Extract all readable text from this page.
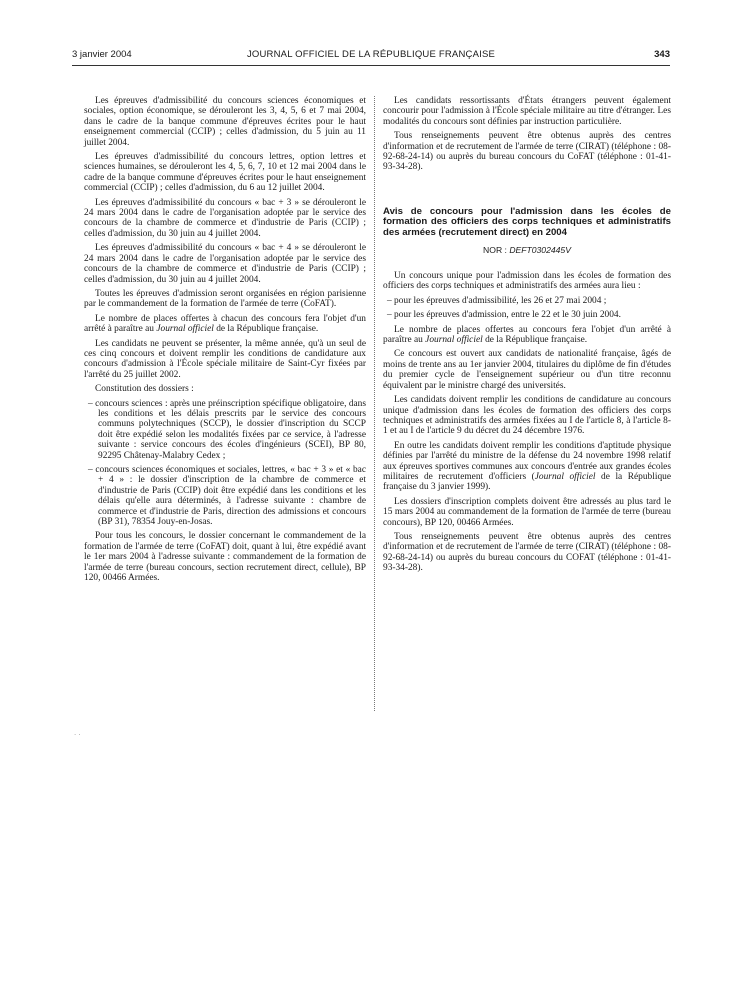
3 janvier 2004	JOURNAL OFFICIEL DE LA RÉPUBLIQUE FRANÇAISE	343

Les épreuves d'admissibilité du concours sciences économiques et sociales, option économique, se dérouleront les 3, 4, 5, 6 et 7 mai 2004, dans le cadre de la banque commune d'épreuves écrites pour le haut enseignement commercial (CCIP) ; celles d'admission, du 5 juin au 11 juillet 2004.

Les épreuves d'admissibilité du concours lettres, option lettres et sciences humaines, se dérouleront les 4, 5, 6, 7, 10 et 12 mai 2004 dans le cadre de la banque commune d'épreuves écrites pour le haut enseignement commercial (CCIP) ; celles d'admission, du 6 au 12 juillet 2004.

Les épreuves d'admissibilité du concours « bac + 3 » se dérouleront le 24 mars 2004 dans le cadre de l'organisation adoptée par le service des concours de la chambre de commerce et d'industrie de Paris (CCIP) ; celles d'admission, du 30 juin au 4 juillet 2004.

Les épreuves d'admissibilité du concours « bac + 4 » se dérouleront le 24 mars 2004 dans le cadre de l'organisation adoptée par le service des concours de la chambre de commerce et d'industrie de Paris (CCIP) ; celles d'admission, du 30 juin au 4 juillet 2004.

Toutes les épreuves d'admission seront organisées en région parisienne par le commandement de la formation de l'armée de terre (CoFAT).

Le nombre de places offertes à chacun des concours fera l'objet d'un arrêté à paraître au Journal officiel de la République française.

Les candidats ne peuvent se présenter, la même année, qu'à un seul de ces cinq concours et doivent remplir les conditions de candidature aux concours d'admission à l'École spéciale militaire de Saint-Cyr fixées par l'arrêté du 25 juillet 2002.

Constitution des dossiers :

– concours sciences : après une préinscription spécifique obligatoire, dans les conditions et les délais prescrits par le service des concours communs polytechniques (SCCP), le dossier d'inscription du SCCP doit être expédié selon les modalités fixées par ce service, à l'adresse suivante : service concours des écoles d'ingénieurs (SCEI), BP 80, 92295 Châtenay-Malabry Cedex ;

– concours sciences économiques et sociales, lettres, « bac + 3 » et « bac + 4 » : le dossier d'inscription de la chambre de commerce et d'industrie de Paris (CCIP) doit être expédié dans les conditions et les délais qu'elle aura déterminés, à l'adresse suivante : chambre de commerce et d'industrie de Paris, direction des admissions et concours (BP 31), 78354 Jouy-en-Josas.

Pour tous les concours, le dossier concernant le commandement de la formation de l'armée de terre (CoFAT) doit, quant à lui, être expédié avant le 1er mars 2004 à l'adresse suivante : commandement de la formation de l'armée de terre (bureau concours, section recrutement direct, cellule), BP 120, 00466 Armées.

Les candidats ressortissants d'États étrangers peuvent également concourir pour l'admission à l'École spéciale militaire au titre d'étranger. Les modalités du concours sont définies par instruction particulière.

Tous renseignements peuvent être obtenus auprès des centres d'information et de recrutement de l'armée de terre (CIRAT) (téléphone : 08-92-68-24-14) ou auprès du bureau concours du CoFAT (téléphone : 01-41-93-34-28).

Avis de concours pour l'admission dans les écoles de formation des officiers des corps techniques et administratifs des armées (recrutement direct) en 2004

NOR : DEFT0302445V

Un concours unique pour l'admission dans les écoles de formation des officiers des corps techniques et administratifs des armées aura lieu :

– pour les épreuves d'admissibilité, les 26 et 27 mai 2004 ;

– pour les épreuves d'admission, entre le 22 et le 30 juin 2004.

Le nombre de places offertes au concours fera l'objet d'un arrêté à paraître au Journal officiel de la République française.

Ce concours est ouvert aux candidats de nationalité française, âgés de moins de trente ans au 1er janvier 2004, titulaires du diplôme de fin d'études du premier cycle de l'enseignement supérieur ou d'un titre reconnu équivalent par le ministre chargé des universités.

Les candidats doivent remplir les conditions de candidature au concours unique d'admission dans les écoles de formation des officiers des corps techniques et administratifs des armées fixées au I de l'article 8, à l'article 8-1 et au I de l'article 9 du décret du 24 décembre 1976.

En outre les candidats doivent remplir les conditions d'aptitude physique définies par l'arrêté du ministre de la défense du 24 novembre 1998 relatif aux épreuves sportives communes aux concours d'entrée aux grandes écoles militaires de recrutement d'officiers (Journal officiel de la République française du 3 janvier 1999).

Les dossiers d'inscription complets doivent être adressés au plus tard le 15 mars 2004 au commandement de la formation de l'armée de terre (bureau concours), BP 120, 00466 Armées.

Tous renseignements peuvent être obtenus auprès des centres d'information et de recrutement de l'armée de terre (CIRAT) (téléphone : 08-92-68-24-14) ou auprès du bureau concours du COFAT (téléphone : 01-41-93-34-28).

· ·
